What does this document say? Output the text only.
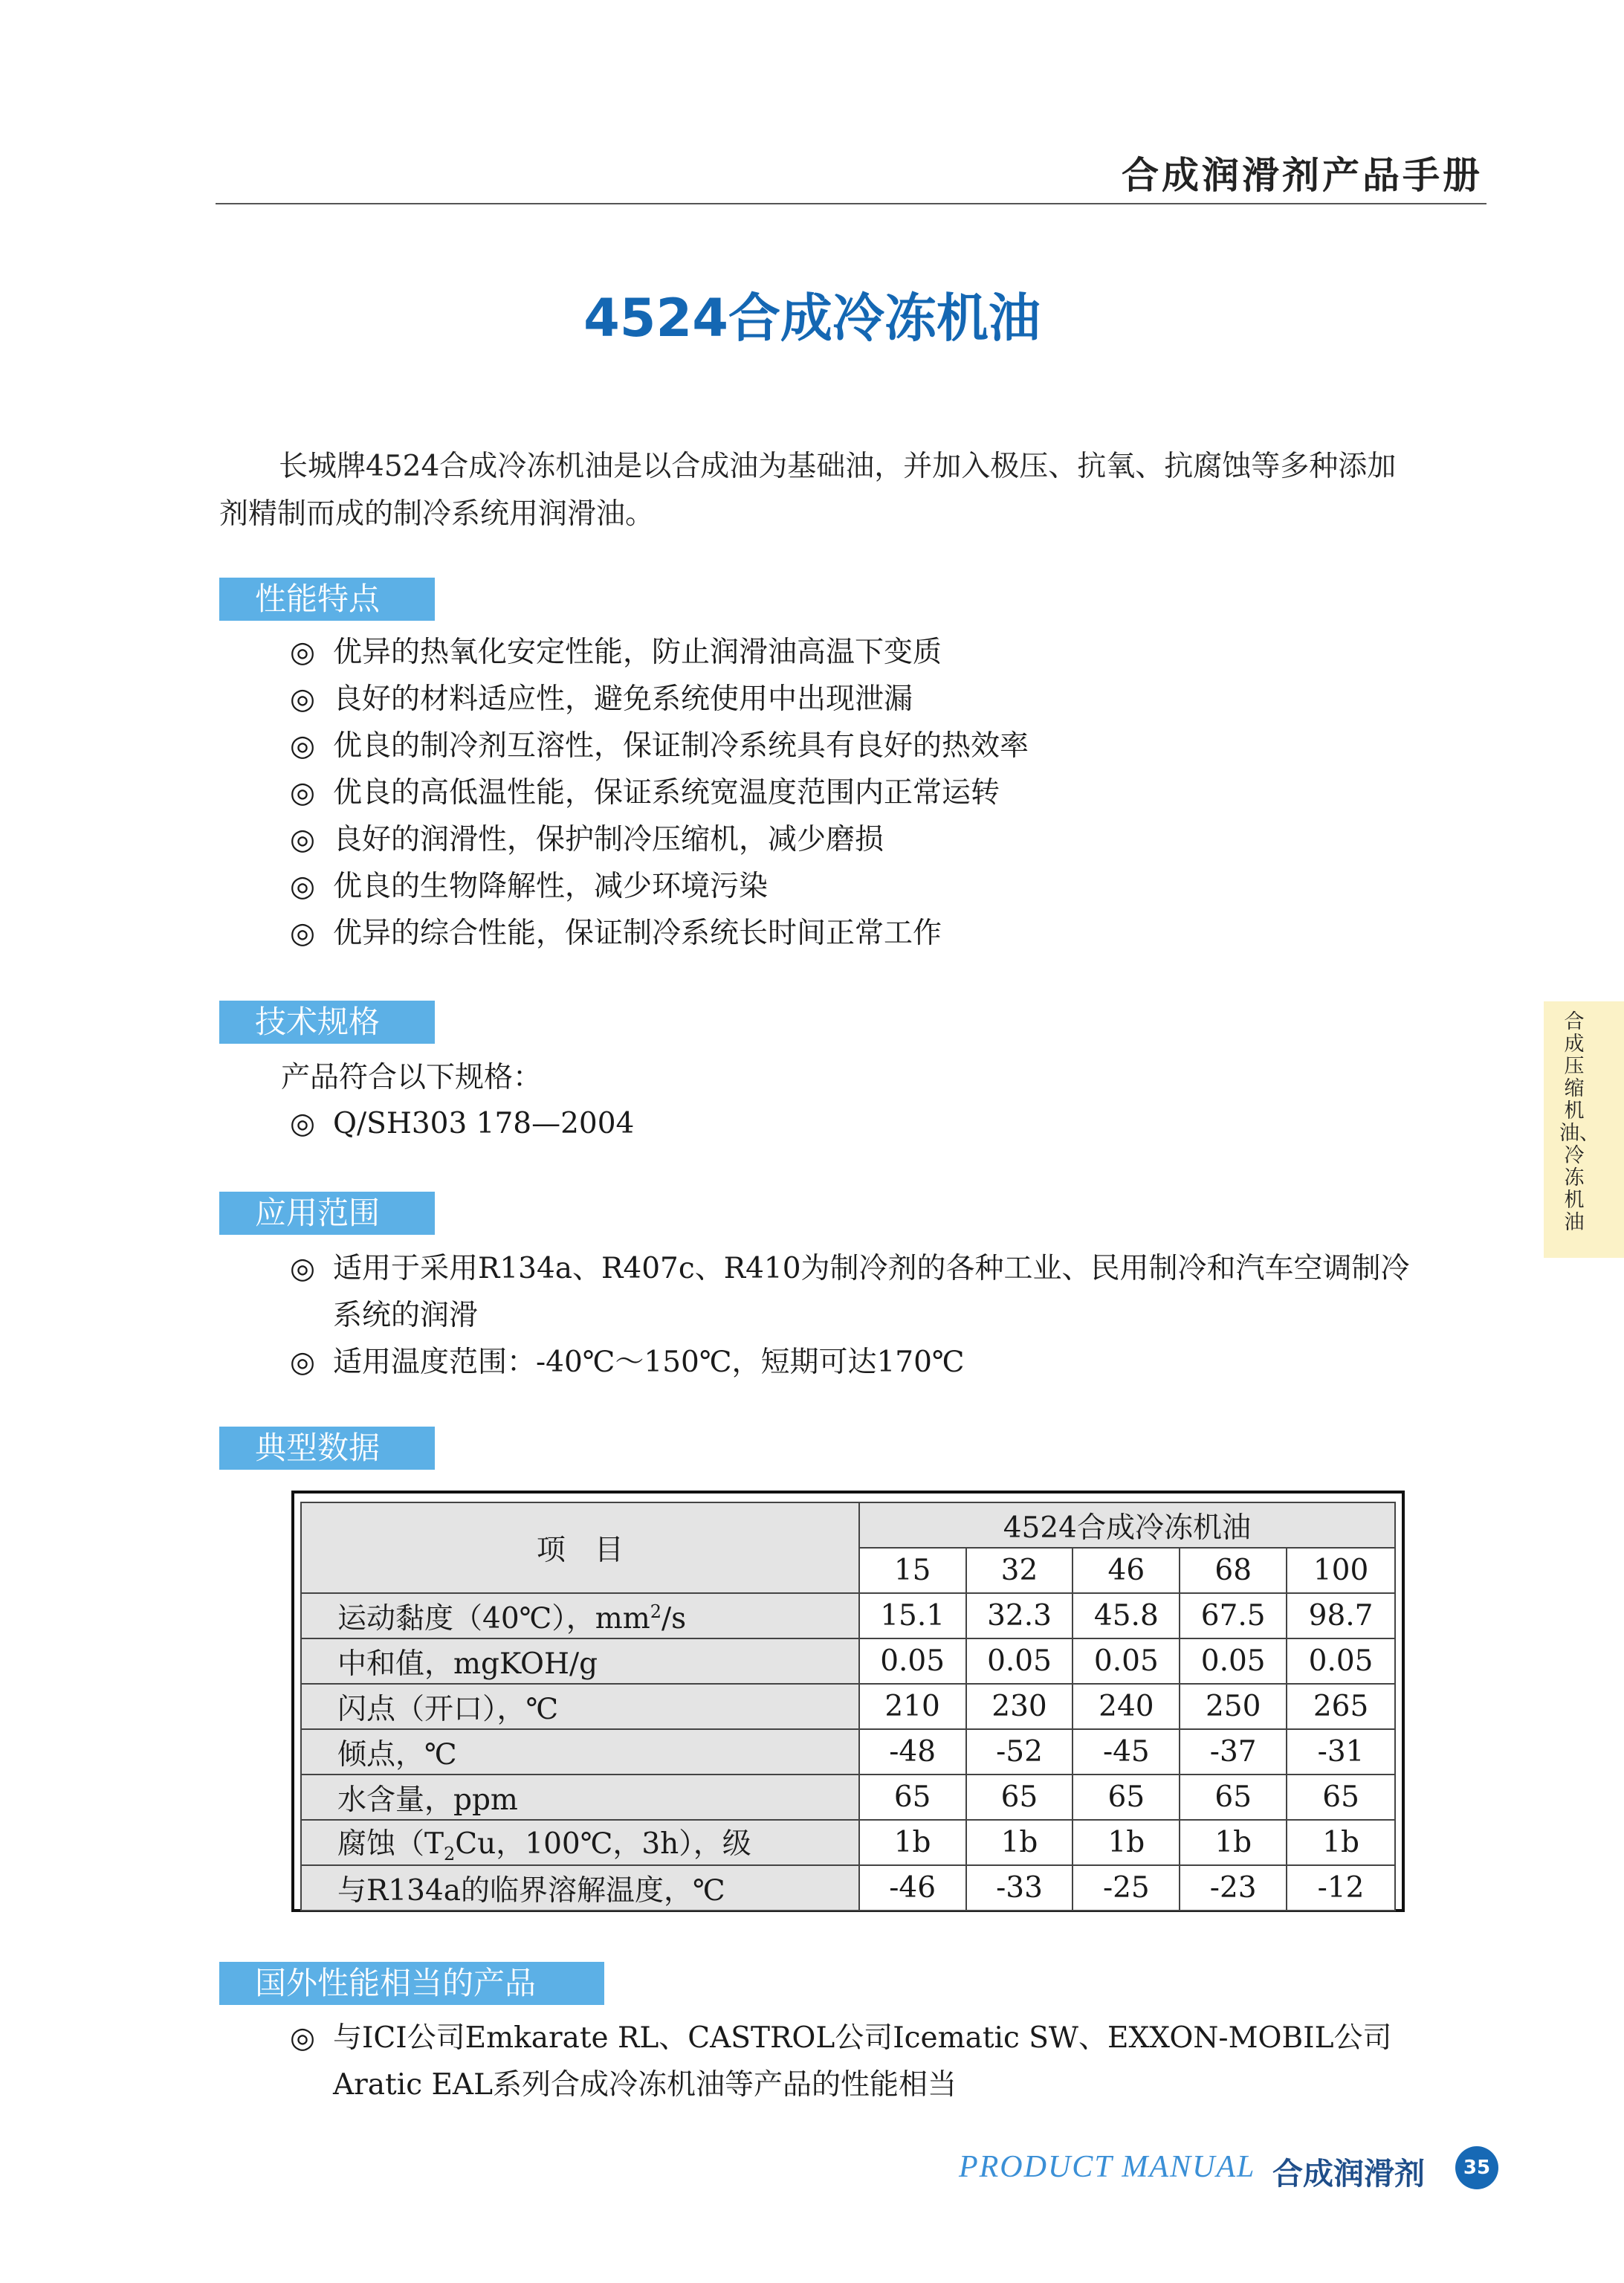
合成润滑剂产品手册
4524合成冷冻机油
长城牌4524合成冷冻机油是以合成油为基础油，并加入极压、抗氧、抗腐蚀等多种添加剂精制而成的制冷系统用润滑油。
性能特点
◎ 优异的热氧化安定性能，防止润滑油高温下变质
◎ 良好的材料适应性，避免系统使用中出现泄漏
◎ 优良的制冷剂互溶性，保证制冷系统具有良好的热效率
◎ 优良的高低温性能，保证系统宽温度范围内正常运转
◎ 良好的润滑性，保护制冷压缩机，减少磨损
◎ 优良的生物降解性，减少环境污染
◎ 优异的综合性能，保证制冷系统长时间正常工作
技术规格
产品符合以下规格：
◎ Q/SH303 178—2004
应用范围
◎ 适用于采用R134a、R407c、R410为制冷剂的各种工业、民用制冷和汽车空调制冷系统的润滑
◎ 适用温度范围：-40℃～150℃，短期可达170℃
典型数据
项　目	4524合成冷冻机油				
	15	32	46	68	100
运动黏度（40℃），$mm^2/s$	15.1	32.3	45.8	67.5	98.7
中和值，mgKOH/g	0.05	0.05	0.05	0.05	0.05
闪点（开口），℃	210	230	240	250	265
倾点，℃	-48	-52	-45	-37	-31
水含量，ppm	65	65	65	65	65
腐蚀（$T_2Cu$，100℃，3h），级	1b	1b	1b	1b	1b
与R134a的临界溶解温度，℃	-46	-33	-25	-23	-12
国外性能相当的产品
◎ 与ICI公司Emkarate RL、CASTROL公司Icematic SW、EXXON-MOBIL公司Aratic EAL系列合成冷冻机油等产品的性能相当
合成压缩机油、冷冻机油
PRODUCT MANUAL 合成润滑剂	35
